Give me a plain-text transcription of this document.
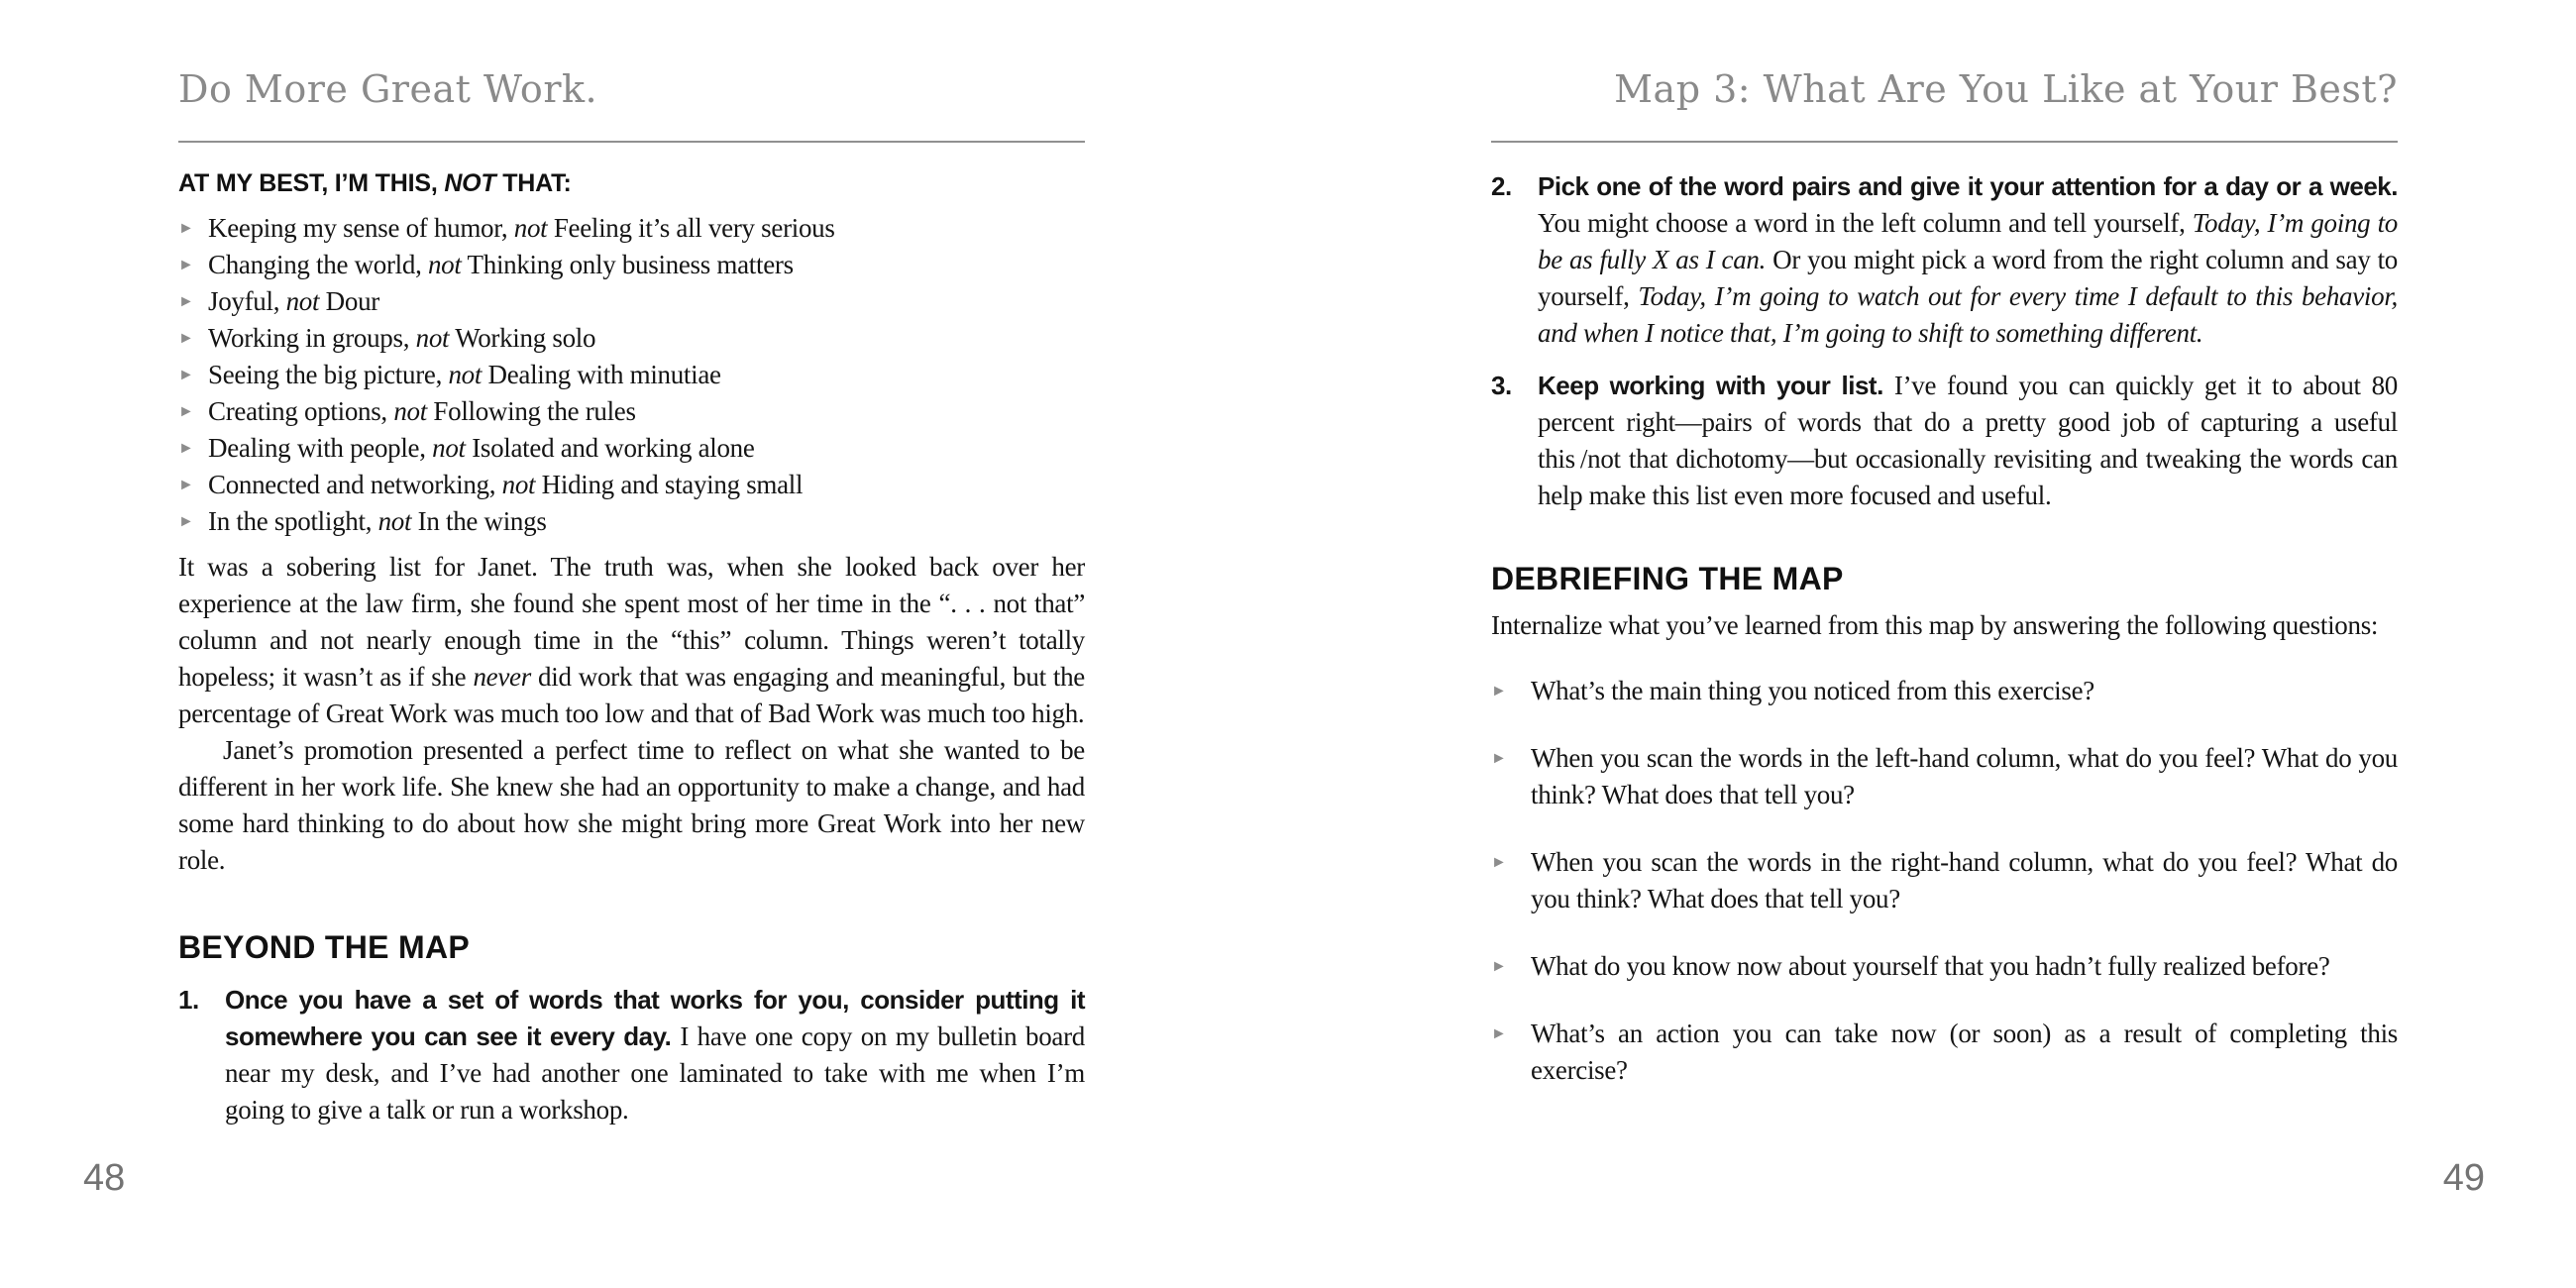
Do More Great Work.
AT MY BEST, I’M THIS, NOT THAT:
► Keeping my sense of humor, not Feeling it’s all very serious
► Changing the world, not Thinking only business matters
► Joyful, not Dour
► Working in groups, not Working solo
► Seeing the big picture, not Dealing with minutiae
► Creating options, not Following the rules
► Dealing with people, not Isolated and working alone
► Connected and networking, not Hiding and staying small
► In the spotlight, not In the wings

It was a sobering list for Janet. The truth was, when she looked back over her experience at the law firm, she found she spent most of her time in the “. . . not that” column and not nearly enough time in the “this” column. Things weren’t totally hopeless; it wasn’t as if she never did work that was engaging and meaningful, but the percentage of Great Work was much too low and that of Bad Work was much too high.

Janet’s promotion presented a perfect time to reflect on what she wanted to be different in her work life. She knew she had an opportunity to make a change, and had some hard thinking to do about how she might bring more Great Work into her new role.

BEYOND THE MAP
1.	Once you have a set of words that works for you, consider putting it somewhere you can see it every day. I have one copy on my bulletin board near my desk, and I’ve had another one laminated to take with me when I’m going to give a talk or run a workshop.
Map 3: What Are You Like at Your Best?
2.	Pick one of the word pairs and give it your attention for a day or a week. You might choose a word in the left column and tell yourself, Today, I’m going to be as fully X as I can. Or you might pick a word from the right column and say to yourself, Today, I’m going to watch out for every time I default to this behavior, and when I notice that, I’m going to shift to something different.
3.	Keep working with your list. I’ve found you can quickly get it to about 80 percent right—pairs of words that do a pretty good job of capturing a useful this /not that dichotomy—but occasionally revisiting and tweaking the words can help make this list even more focused and useful.
DEBRIEFING THE MAP

Internalize what you’ve learned from this map by answering the following questions:

► What’s the main thing you noticed from this exercise?
► When you scan the words in the left-hand column, what do you feel? What do you think? What does that tell you?
► When you scan the words in the right-hand column, what do you feel? What do you think? What does that tell you?
► What do you know now about yourself that you hadn’t fully realized before?
► What’s an action you can take now (or soon) as a result of completing this exercise?
48	49
